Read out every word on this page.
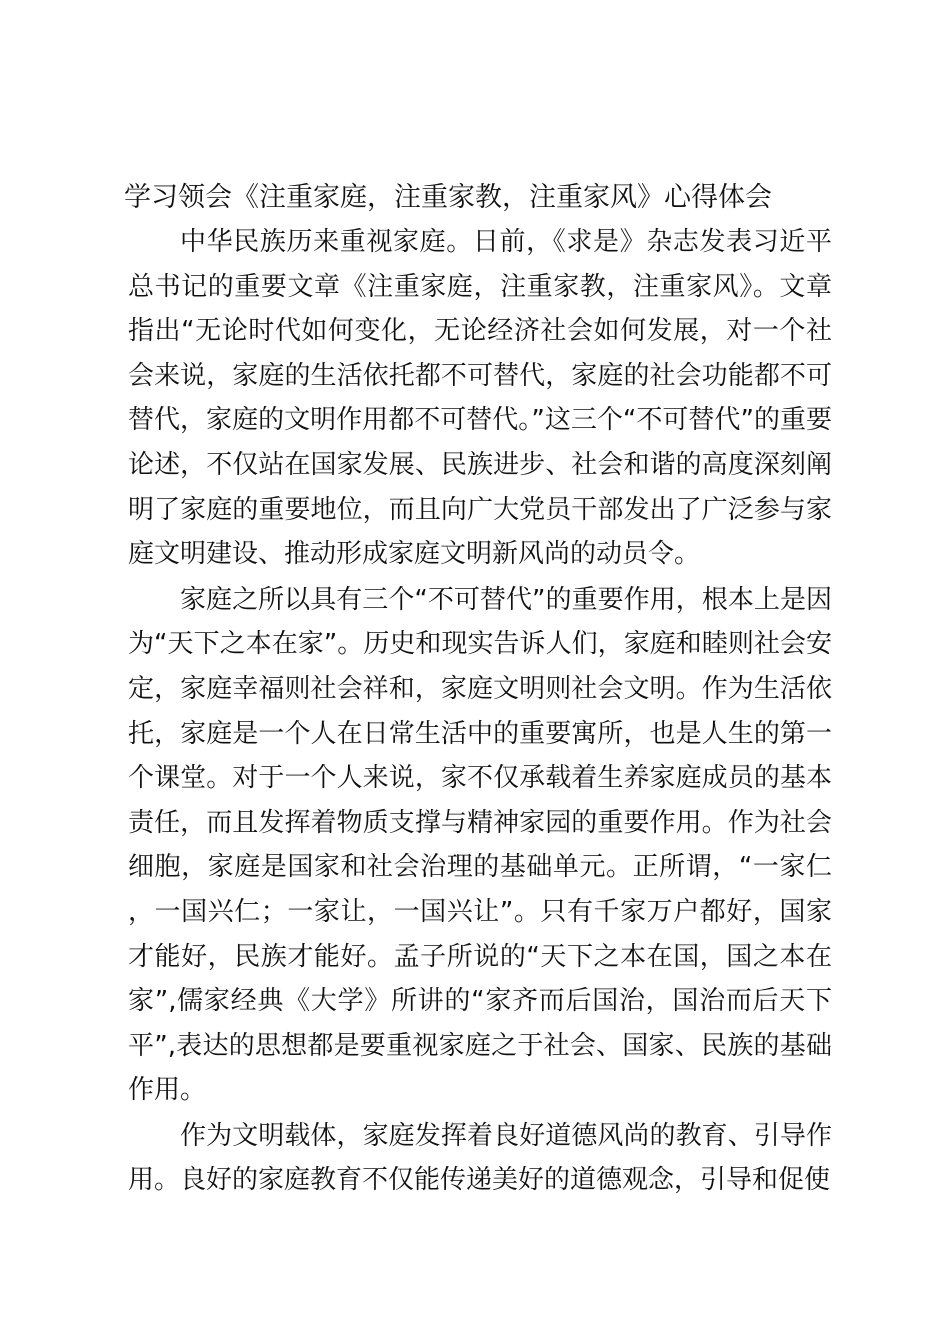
学习领会《注重家庭，注重家教，注重家风》心得体会

中华民族历来重视家庭。日前，《求是》杂志发表习近平总书记的重要文章《注重家庭，注重家教，注重家风》。文章指出“无论时代如何变化，无论经济社会如何发展，对一个社会来说，家庭的生活依托都不可替代，家庭的社会功能都不可替代，家庭的文明作用都不可替代。”这三个“不可替代”的重要论述，不仅站在国家发展、民族进步、社会和谐的高度深刻阐明了家庭的重要地位，而且向广大党员干部发出了广泛参与家庭文明建设、推动形成家庭文明新风尚的动员令。

家庭之所以具有三个“不可替代”的重要作用，根本上是因为“天下之本在家”。历史和现实告诉人们，家庭和睦则社会安定，家庭幸福则社会祥和，家庭文明则社会文明。作为生活依托，家庭是一个人在日常生活中的重要寓所，也是人生的第一个课堂。对于一个人来说，家不仅承载着生养家庭成员的基本责任，而且发挥着物质支撑与精神家园的重要作用。作为社会细胞，家庭是国家和社会治理的基础单元。正所谓，“一家仁，一国兴仁；一家让，一国兴让”。只有千家万户都好，国家才能好，民族才能好。孟子所说的“天下之本在国，国之本在家”,儒家经典《大学》所讲的“家齐而后国治，国治而后天下平”,表达的思想都是要重视家庭之于社会、国家、民族的基础作用。

作为文明载体，家庭发挥着良好道德风尚的教育、引导作用。良好的家庭教育不仅能传递美好的道德观念，引导和促使
